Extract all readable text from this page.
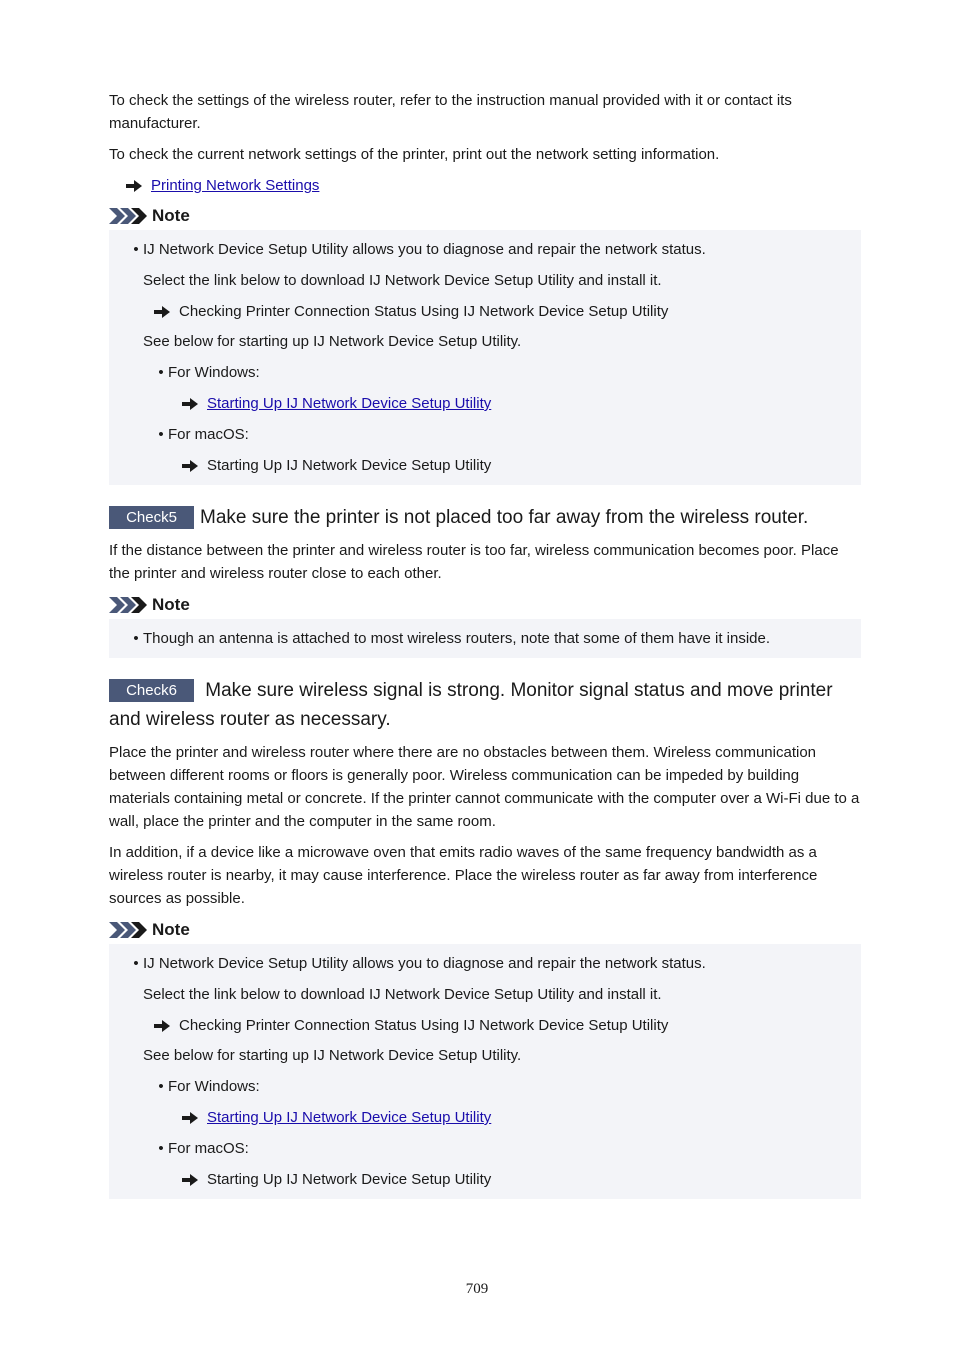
To check the settings of the wireless router, refer to the instruction manual provided with it or contact its manufacturer.

To check the current network settings of the printer, print out the network setting information.

Printing Network Settings
Note
• IJ Network Device Setup Utility allows you to diagnose and repair the network status.
Select the link below to download IJ Network Device Setup Utility and install it.
Checking Printer Connection Status Using IJ Network Device Setup Utility
See below for starting up IJ Network Device Setup Utility.
• For Windows:
Starting Up IJ Network Device Setup Utility
• For macOS:
Starting Up IJ Network Device Setup Utility
Check5	Make sure the printer is not placed too far away from the wireless router.

If the distance between the printer and wireless router is too far, wireless communication becomes poor. Place the printer and wireless router close to each other.

Note
• Though an antenna is attached to most wireless routers, note that some of them have it inside.
Check6 Make sure wireless signal is strong. Monitor signal status and move printer and wireless router as necessary.

Place the printer and wireless router where there are no obstacles between them. Wireless communication between different rooms or floors is generally poor. Wireless communication can be impeded by building materials containing metal or concrete. If the printer cannot communicate with the computer over a Wi-Fi due to a wall, place the printer and the computer in the same room.

In addition, if a device like a microwave oven that emits radio waves of the same frequency bandwidth as a wireless router is nearby, it may cause interference. Place the wireless router as far away from interference sources as possible.

Note
• IJ Network Device Setup Utility allows you to diagnose and repair the network status.
Select the link below to download IJ Network Device Setup Utility and install it.
Checking Printer Connection Status Using IJ Network Device Setup Utility
See below for starting up IJ Network Device Setup Utility.
• For Windows:
Starting Up IJ Network Device Setup Utility
• For macOS:
Starting Up IJ Network Device Setup Utility
709
